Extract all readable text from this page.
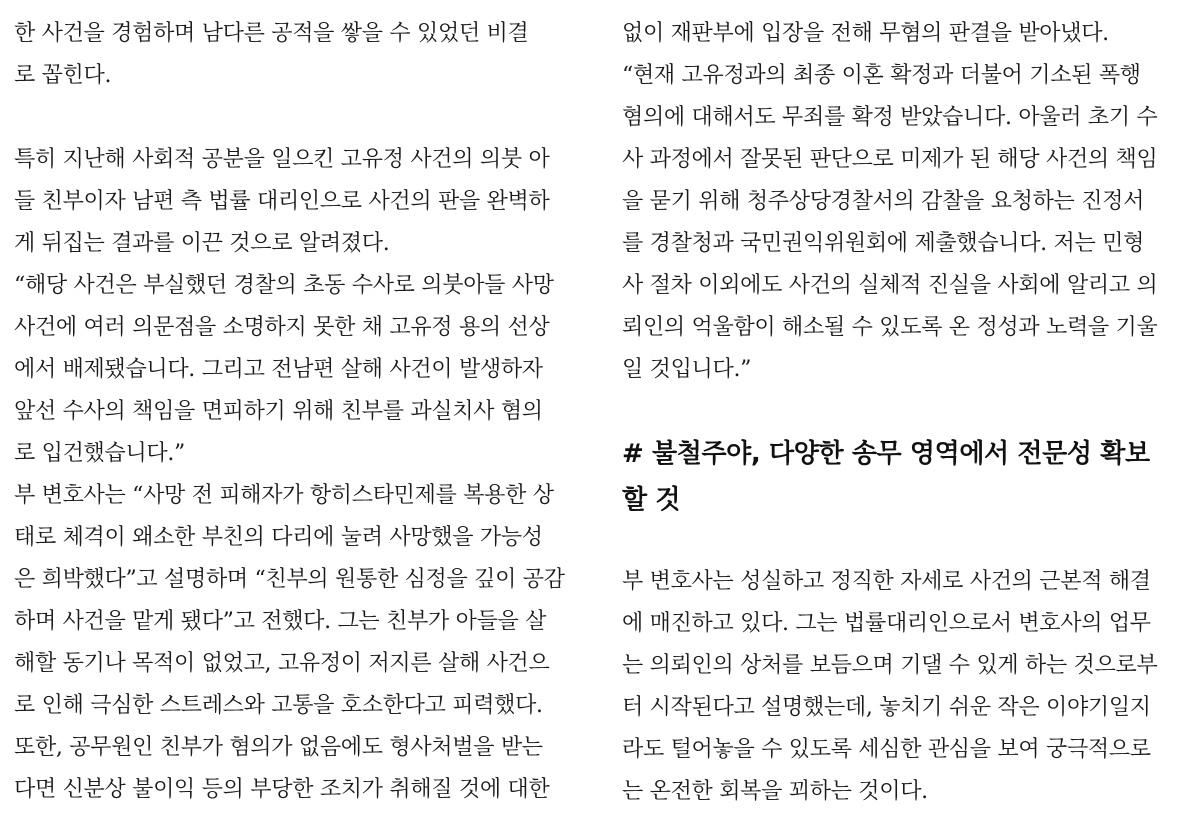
한 사건을 경험하며 남다른 공적을 쌓을 수 있었던 비결
로 꼽힌다.
특히 지난해 사회적 공분을 일으킨 고유정 사건의 의붓 아
들 친부이자 남편 측 법률 대리인으로 사건의 판을 완벽하
게 뒤집는 결과를 이끈 것으로 알려졌다.
“해당 사건은 부실했던 경찰의 초동 수사로 의붓아들 사망
사건에 여러 의문점을 소명하지 못한 채 고유정 용의 선상
에서 배제됐습니다. 그리고 전남편 살해 사건이 발생하자
앞선 수사의 책임을 면피하기 위해 친부를 과실치사 혐의
로 입건했습니다.”
부 변호사는 “사망 전 피해자가 항히스타민제를 복용한 상
태로 체격이 왜소한 부친의 다리에 눌려 사망했을 가능성
은 희박했다”고 설명하며 “친부의 원통한 심정을 깊이 공감
하며 사건을 맡게 됐다”고 전했다. 그는 친부가 아들을 살
해할 동기나 목적이 없었고, 고유정이 저지른 살해 사건으
로 인해 극심한 스트레스와 고통을 호소한다고 피력했다.
또한, 공무원인 친부가 혐의가 없음에도 형사처벌을 받는
다면 신분상 불이익 등의 부당한 조치가 취해질 것에 대한
없이 재판부에 입장을 전해 무혐의 판결을 받아냈다.
“현재 고유정과의 최종 이혼 확정과 더불어 기소된 폭행
혐의에 대해서도 무죄를 확정 받았습니다. 아울러 초기 수
사 과정에서 잘못된 판단으로 미제가 된 해당 사건의 책임
을 묻기 위해 청주상당경찰서의 감찰을 요청하는 진정서
를 경찰청과 국민권익위원회에 제출했습니다. 저는 민형
사 절차 이외에도 사건의 실체적 진실을 사회에 알리고 의
뢰인의 억울함이 해소될 수 있도록 온 정성과 노력을 기울
일 것입니다.”
# 불철주야, 다양한 송무 영역에서 전문성 확보
할 것
부 변호사는 성실하고 정직한 자세로 사건의 근본적 해결
에 매진하고 있다. 그는 법률대리인으로서 변호사의 업무
는 의뢰인의 상처를 보듬으며 기댈 수 있게 하는 것으로부
터 시작된다고 설명했는데, 놓치기 쉬운 작은 이야기일지
라도 털어놓을 수 있도록 세심한 관심을 보여 궁극적으로
는 온전한 회복을 꾀하는 것이다.
